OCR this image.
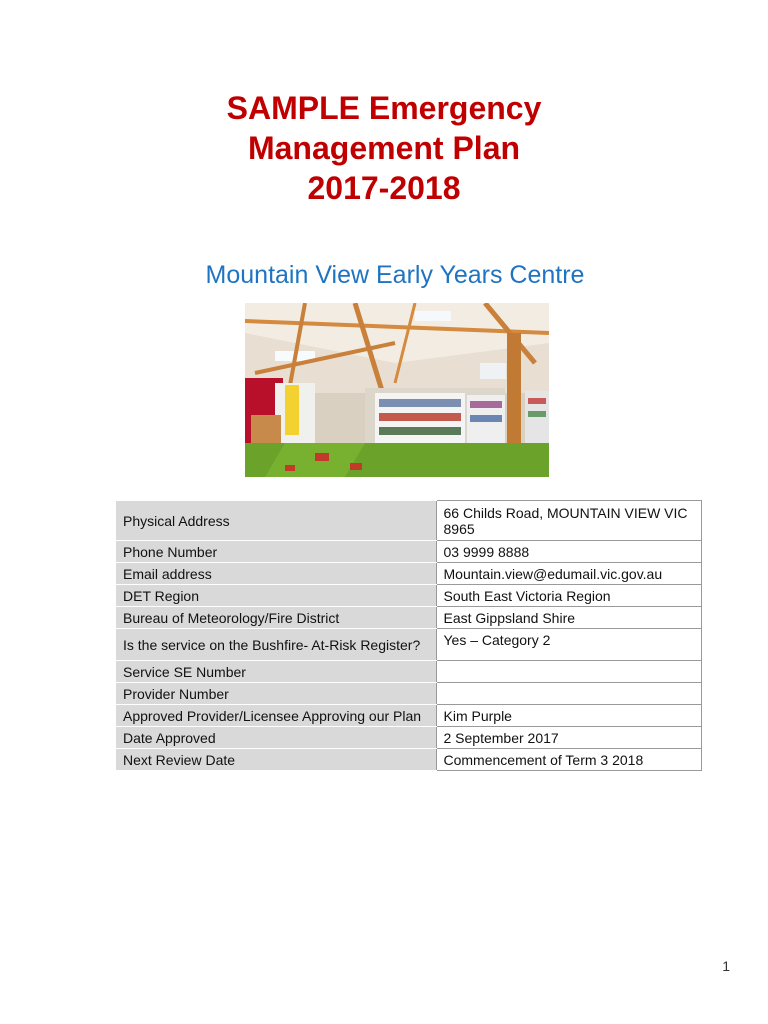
SAMPLE Emergency
Management Plan
2017-2018
Mountain View Early Years Centre
Physical Address	66 Childs Road, MOUNTAIN VIEW VIC 8965
Phone Number	03 9999 8888
Email address	Mountain.view@edumail.vic.gov.au
DET Region	South East Victoria Region
Bureau of Meteorology/Fire District	East Gippsland Shire
Is the service on the Bushfire- At-Risk Register?	Yes – Category 2
Service SE Number	
Provider Number	
Approved Provider/Licensee Approving our Plan	Kim Purple
Date Approved	2 September 2017
Next Review Date	Commencement of Term 3 2018
1
